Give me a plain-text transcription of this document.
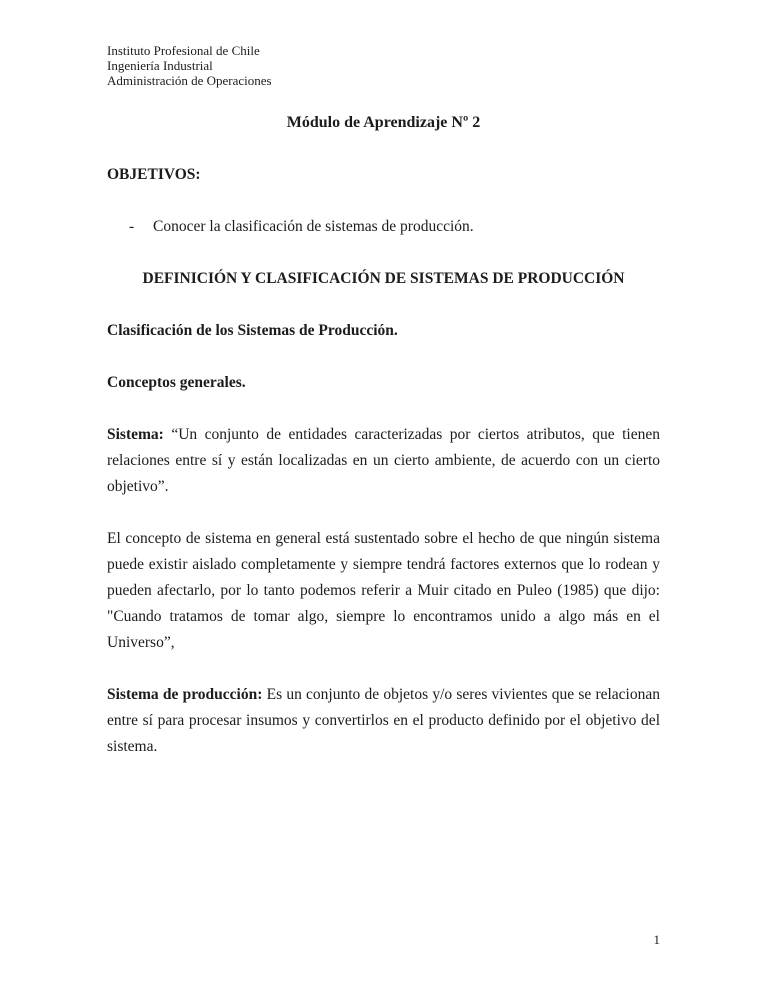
Instituto Profesional de Chile
Ingeniería Industrial
Administración de Operaciones
Módulo de Aprendizaje Nº 2
OBJETIVOS:
-	Conocer la clasificación de sistemas de producción.
DEFINICIÓN Y CLASIFICACIÓN DE SISTEMAS DE PRODUCCIÓN
Clasificación de los Sistemas de Producción.
Conceptos generales.

Sistema: “Un conjunto de entidades caracterizadas por ciertos atributos, que tienen relaciones entre sí y están localizadas en un cierto ambiente, de acuerdo con un cierto objetivo”.

El concepto de sistema en general está sustentado sobre el hecho de que ningún sistema puede existir aislado completamente y siempre tendrá factores externos que lo rodean y pueden afectarlo, por lo tanto podemos referir a Muir citado en Puleo (1985) que dijo: "Cuando tratamos de tomar algo, siempre lo encontramos unido a algo más en el Universo”,

Sistema de producción: Es un conjunto de objetos y/o seres vivientes que se relacionan entre sí para procesar insumos y convertirlos en el producto definido por el objetivo del sistema.

1
